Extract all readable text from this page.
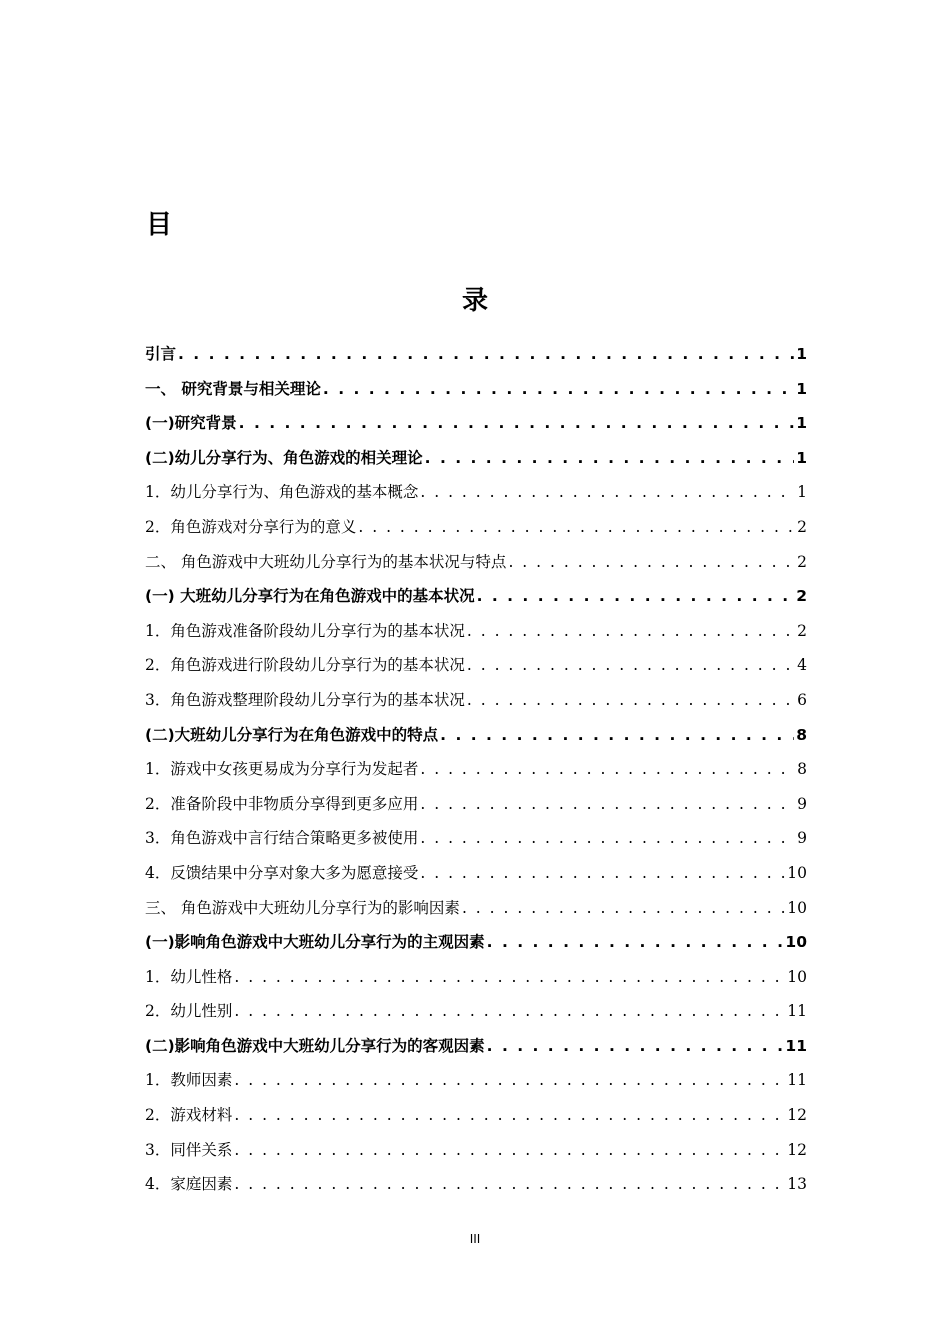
目
录
引言 . . .	1
一、 研究背景与相关理论 . . .	1
(一)研究背景 . . .	1
(二)幼儿分享行为、角色游戏的相关理论 . . .	1
1．幼儿分享行为、角色游戏的基本概念 . . .	1
2．角色游戏对分享行为的意义 . . .	2
二、 角色游戏中大班幼儿分享行为的基本状况与特点 . . .	2
(一) 大班幼儿分享行为在角色游戏中的基本状况 . . .	2
1．角色游戏准备阶段幼儿分享行为的基本状况 . . .	2
2．角色游戏进行阶段幼儿分享行为的基本状况 . . .	4
3．角色游戏整理阶段幼儿分享行为的基本状况 . . .	6
(二)大班幼儿分享行为在角色游戏中的特点 . . .	8
1．游戏中女孩更易成为分享行为发起者 . . .	8
2．准备阶段中非物质分享得到更多应用 . . .	9
3．角色游戏中言行结合策略更多被使用 . . .	9
4．反馈结果中分享对象大多为愿意接受 . . .	10
三、 角色游戏中大班幼儿分享行为的影响因素 . . .	10
(一)影响角色游戏中大班幼儿分享行为的主观因素 . . .	10
1．幼儿性格 . . .	10
2．幼儿性别 . . .	11
(二)影响角色游戏中大班幼儿分享行为的客观因素 . . .	11
1．教师因素 . . .	11
2．游戏材料 . . .	12
3．同伴关系 . . .	12
4．家庭因素 . . .	13
III
